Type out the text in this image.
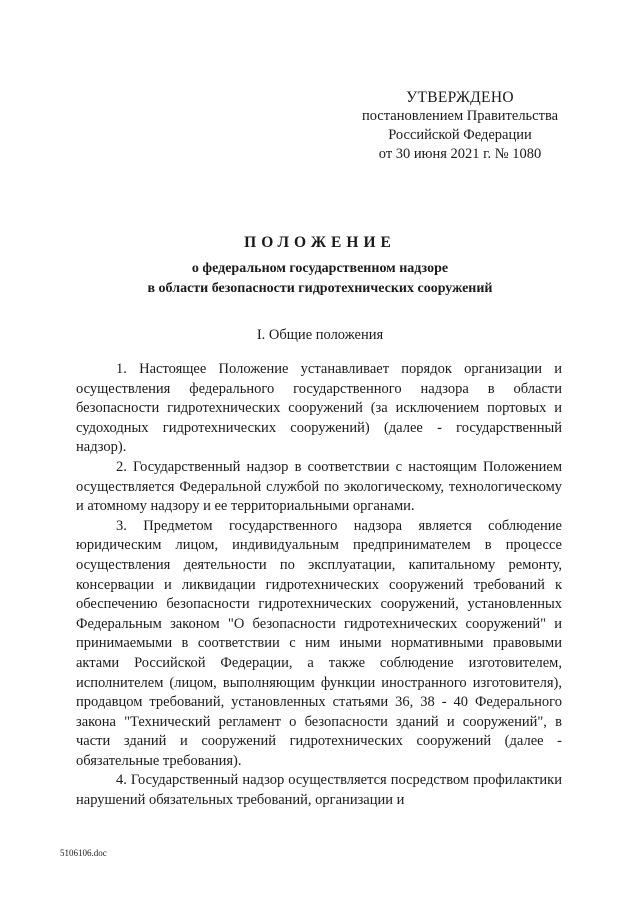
УТВЕРЖДЕНО
постановлением Правительства
Российской Федерации
от 30 июня 2021 г. № 1080
ПОЛОЖЕНИЕ
о федеральном государственном надзоре
в области безопасности гидротехнических сооружений
I. Общие положения

1. Настоящее Положение устанавливает порядок организации и осуществления федерального государственного надзора в области безопасности гидротехнических сооружений (за исключением портовых и судоходных гидротехнических сооружений) (далее - государственный надзор).

2. Государственный надзор в соответствии с настоящим Положением осуществляется Федеральной службой по экологическому, технологическому и атомному надзору и ее территориальными органами.

3. Предметом государственного надзора является соблюдение юридическим лицом, индивидуальным предпринимателем в процессе осуществления деятельности по эксплуатации, капитальному ремонту, консервации и ликвидации гидротехнических сооружений требований к обеспечению безопасности гидротехнических сооружений, установленных Федеральным законом "О безопасности гидротехнических сооружений" и принимаемыми в соответствии с ним иными нормативными правовыми актами Российской Федерации, а также соблюдение изготовителем, исполнителем (лицом, выполняющим функции иностранного изготовителя), продавцом требований, установленных статьями 36, 38 - 40 Федерального закона "Технический регламент о безопасности зданий и сооружений", в части зданий и сооружений гидротехнических сооружений (далее - обязательные требования).

4. Государственный надзор осуществляется посредством профилактики нарушений обязательных требований, организации и

5106106.doc
